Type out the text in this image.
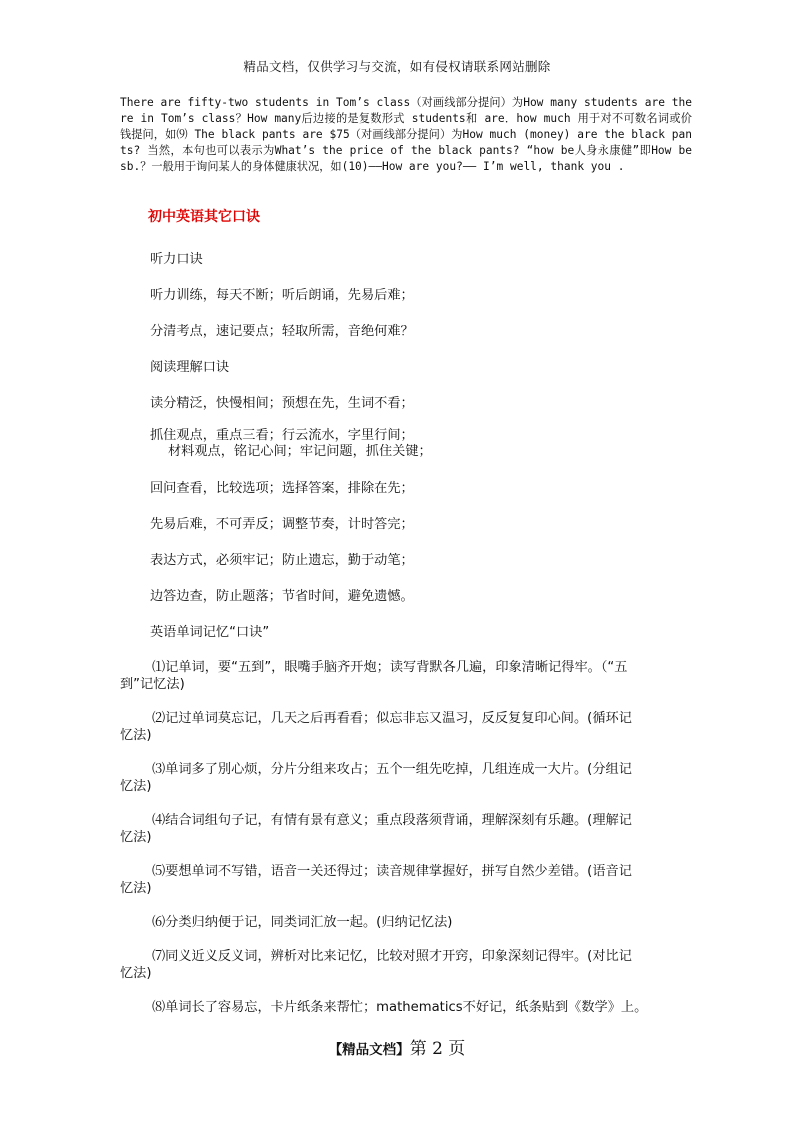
精品文档，仅供学习与交流，如有侵权请联系网站删除
There are fifty-two students in Tom’s class（对画线部分提问）为How many students are there in Tom’s class？How many后边接的是复数形式 students和 are．how much 用于对不可数名词或价钱提问，如⑼ The black pants are $75（对画线部分提问）为How much (money) are the black pants? 当然，本句也可以表示为What’s the price of the black pants? “how be人身永康健”即How be sb.？一般用于询问某人的身体健康状况，如(10)——How are you?—— I’m well, thank you .

初中英语其它口诀

听力口诀

听力训练，每天不断；听后朗诵，先易后难；

分清考点，速记要点；轻取所需，音绝何难？

阅读理解口诀

读分精泛，快慢相间；预想在先，生词不看；

抓住观点，重点三看；行云流水，字里行间；

材料观点，铭记心间；牢记问题，抓住关键；

回问查看，比较选项；选择答案，排除在先；

先易后难，不可弄反；调整节奏，计时答完；

表达方式，必须牢记；防止遗忘，勤于动笔；

边答边查，防止题落；节省时间，避免遗憾。

英语单词记忆“口诀”

⑴记单词，要“五到”，眼嘴手脑齐开炮；读写背默各几遍，印象清晰记得牢。（“五
到”记忆法)
⑵记过单词莫忘记，几天之后再看看；似忘非忘又温习，反反复复印心间。(循环记
忆法)
⑶单词多了別心烦，分片分组来攻占；五个一组先吃掉，几组连成一大片。(分组记
忆法)
⑷结合词组句子记，有情有景有意义；重点段落须背诵，理解深刻有乐趣。(理解记
忆法)
⑸要想单词不写错，语音一关还得过；读音规律掌握好，拼写自然少差错。(语音记
忆法)
⑹分类归纳便于记，同类词汇放一起。(归纳记忆法)
⑺同义近义反义词，辨析对比来记忆，比较对照才开窍，印象深刻记得牢。(对比记
忆法)
⑻单词长了容易忘，卡片纸条来帮忙；mathematics不好记，纸条贴到《数学》上。
【精品文档】第 2 页
